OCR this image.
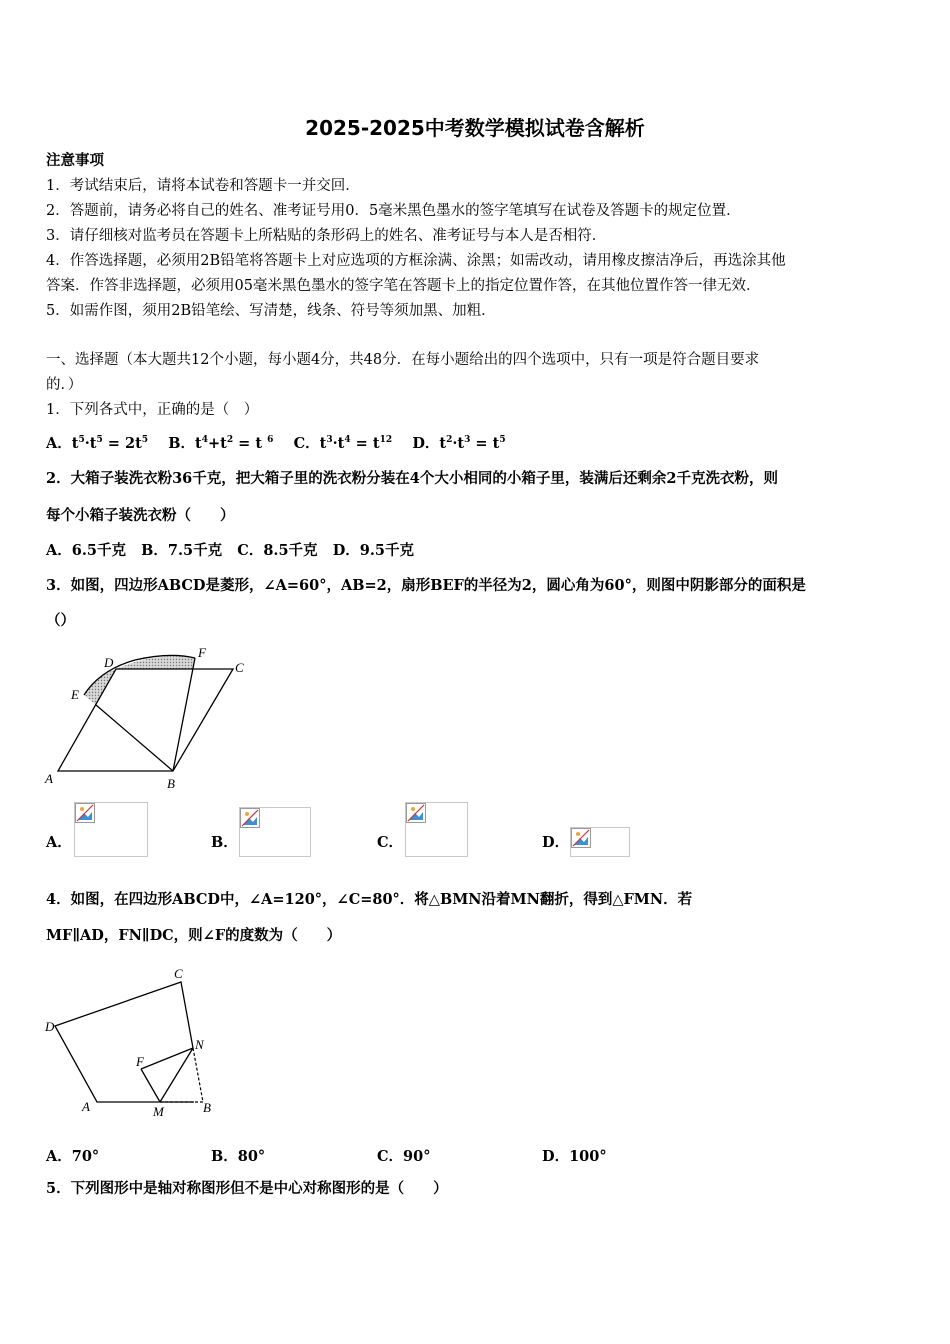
2025-2025中考数学模拟试卷含解析
注意事项
1．考试结束后，请将本试卷和答题卡一并交回．
2．答题前，请务必将自己的姓名、准考证号用0．5毫米黑色墨水的签字笔填写在试卷及答题卡的规定位置．
3．请仔细核对监考员在答题卡上所粘贴的条形码上的姓名、准考证号与本人是否相符．
4．作答选择题，必须用2B铅笔将答题卡上对应选项的方框涂满、涂黑；如需改动，请用橡皮擦洁净后，再选涂其他
答案．作答非选择题，必须用05毫米黑色墨水的签字笔在答题卡上的指定位置作答，在其他位置作答一律无效．
5．如需作图，须用2B铅笔绘、写清楚，线条、符号等须加黑、加粗．
一、选择题（本大题共12个小题，每小题4分，共48分．在每小题给出的四个选项中，只有一项是符合题目要求
的．）
1．下列各式中，正确的是（　）
A．$t^5\cdot t^5 = 2t^5$ B．$t^4+t^2 = t$ $^6$ C．$t^3\cdot t^4 = t^{12}$ D．$t^2\cdot t^3 = t^5$
2．大箱子装洗衣粉36千克，把大箱子里的洗衣粉分装在4个大小相同的小箱子里，装满后还剩余2千克洗衣粉，则
每个小箱子装洗衣粉（　　）
A．6.5千克 B．7.5千克 C．8.5千克 D．9.5千克
3．如图，四边形ABCD是菱形，∠A=60°，AB=2，扇形BEF的半径为2，圆心角为60°，则图中阴影部分的面积是
（）
A	B
C
D
E
F
A．	B．	C．	D．
4．如图，在四边形ABCD中，∠A=120°，∠C=80°．将△BMN沿着MN翻折，得到△FMN．若
MF∥AD，FN∥DC，则∠F的度数为（　　）
A	B
C
D
F
M
N
A．70°	B．80°	C．90°	D．100°
5．下列图形中是轴对称图形但不是中心对称图形的是（　　）
